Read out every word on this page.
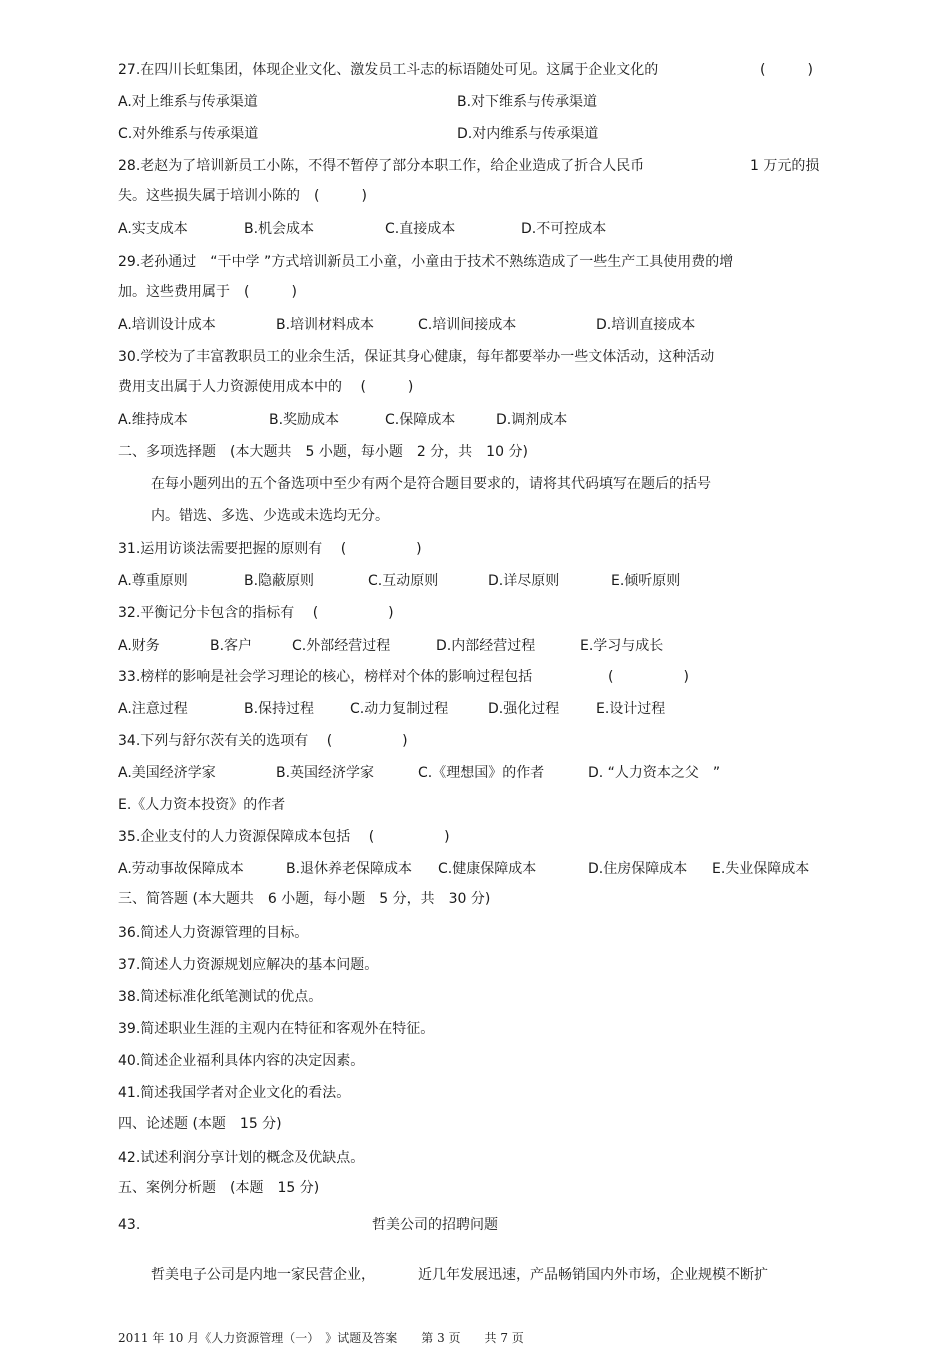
27.在四川长虹集团，体现企业文化、激发员工斗志的标语随处可见。这属于企业文化的	(　　　)
A.对上维系与传承渠道	B.对下维系与传承渠道
C.对外维系与传承渠道	D.对内维系与传承渠道
28.老赵为了培训新员工小陈，不得不暂停了部分本职工作，给企业造成了折合人民币	1 万元的损
失。这些损失属于培训小陈的　(　　　)
A.实支成本	B.机会成本	C.直接成本	D.不可控成本
29.老孙通过　“干中学 ”方式培训新员工小童，小童由于技术不熟练造成了一些生产工具使用费的增
加。这些费用属于　(　　　)
A.培训设计成本	B.培训材料成本	C.培训间接成本	D.培训直接成本
30.学校为了丰富教职员工的业余生活，保证其身心健康，每年都要举办一些文体活动，这种活动
费用支出属于人力资源使用成本中的　 (　　　)
A.维持成本	B.奖励成本	C.保障成本	D.调剂成本
二、多项选择题　(本大题共　5 小题，每小题　2 分，共　10 分)
在每小题列出的五个备选项中至少有两个是符合题目要求的，请将其代码填写在题后的括号
内。错选、多选、少选或未选均无分。
31.运用访谈法需要把握的原则有　 (　　　　　)
A.尊重原则	B.隐蔽原则	C.互动原则	D.详尽原则	E.倾听原则
32.平衡记分卡包含的指标有　 (　　　　　)
A.财务	B.客户	C.外部经营过程	D.内部经营过程	E.学习与成长
33.榜样的影响是社会学习理论的核心，榜样对个体的影响过程包括	(　　　　　)
A.注意过程	B.保持过程	C.动力复制过程	D.强化过程	E.设计过程
34.下列与舒尔茨有关的选项有　 (　　　　　)
A.美国经济学家	B.英国经济学家	C.《理想国》的作者	D. “人力资本之父　”
E.《人力资本投资》的作者
35.企业支付的人力资源保障成本包括　 (　　　　　)
A.劳动事故保障成本	B.退休养老保障成本 C.健康保障成本	D.住房保障成本 E.失业保障成本
三、简答题 (本大题共　6 小题，每小题　5 分，共　30 分)
36.简述人力资源管理的目标。
37.简述人力资源规划应解决的基本问题。
38.简述标准化纸笔测试的优点。
39.简述职业生涯的主观内在特征和客观外在特征。
40.简述企业福利具体内容的决定因素。
41.简述我国学者对企业文化的看法。
四、论述题 (本题　15 分)
42.试述利润分享计划的概念及优缺点。
五、案例分析题　(本题　15 分)
43.	哲美公司的招聘问题
哲美电子公司是内地一家民营企业，	近几年发展迅速，产品畅销国内外市场，企业规模不断扩
2011 年 10 月《人力资源管理（一）　》试题及答案　　第 3 页　　共 7 页
